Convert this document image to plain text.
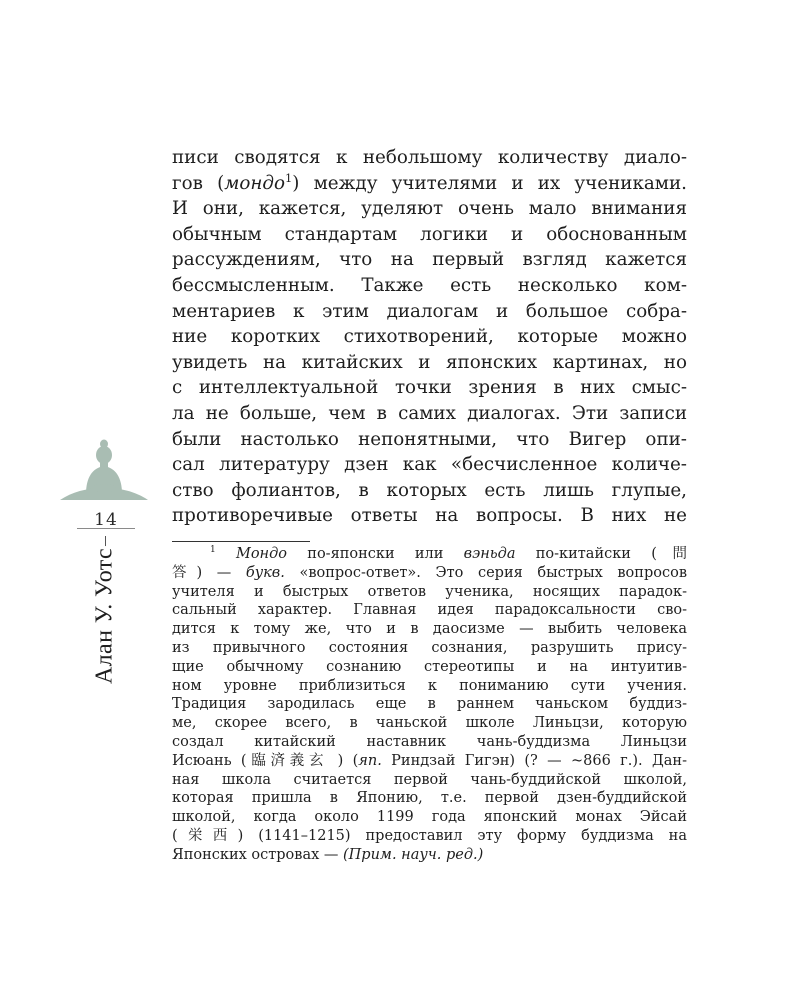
14
Алан У. Уотс
писи сводятся к небольшому количеству диало-
гов (мондо$^1$) между учителями и их учениками.
И они, кажется, уделяют очень мало внимания
обычным стандартам логики и обоснованным
рассуждениям, что на первый взгляд кажется
бессмысленным. Также есть несколько ком-
ментариев к этим диалогам и большое собра-
ние коротких стихотворений, которые можно
увидеть на китайских и японских картинах, но
с интеллектуальной точки зрения в них смыс-
ла не больше, чем в самих диалогах. Эти записи
были настолько непонятными, что Вигер опи-
сал литературу дзен как «бесчисленное количе-
ство фолиантов, в которых есть лишь глупые,
противоречивые ответы на вопросы. В них не
$^1$ Мондо по-японски или вэньда по-китайски (問
答) — букв. «вопрос-ответ». Это серия быстрых вопросов
учителя и быстрых ответов ученика, носящих парадок-
сальный характер. Главная идея парадоксальности сво-
дится к тому же, что и в даосизме — выбить человека
из привычного состояния сознания, разрушить прису-
щие обычному сознанию стереотипы и на интуитив-
ном уровне приблизиться к пониманию сути учения.
Традиция зародилась еще в раннем чаньском буддиз-
ме, скорее всего, в чаньской школе Линьцзи, которую
создал китайский наставник чань-буддизма Линьцзи
Исюань (臨済義玄 ) (яп. Риндзай Гигэн) (? — ~866 г.). Дан-
ная школа считается первой чань-буддийской школой,
которая пришла в Японию, т.е. первой дзен-буддийской
школой, когда около 1199 года японский монах Эйсай
(栄西) (1141–1215) предоставил эту форму буддизма на
Японских островах — (Прим. науч. ред.)
